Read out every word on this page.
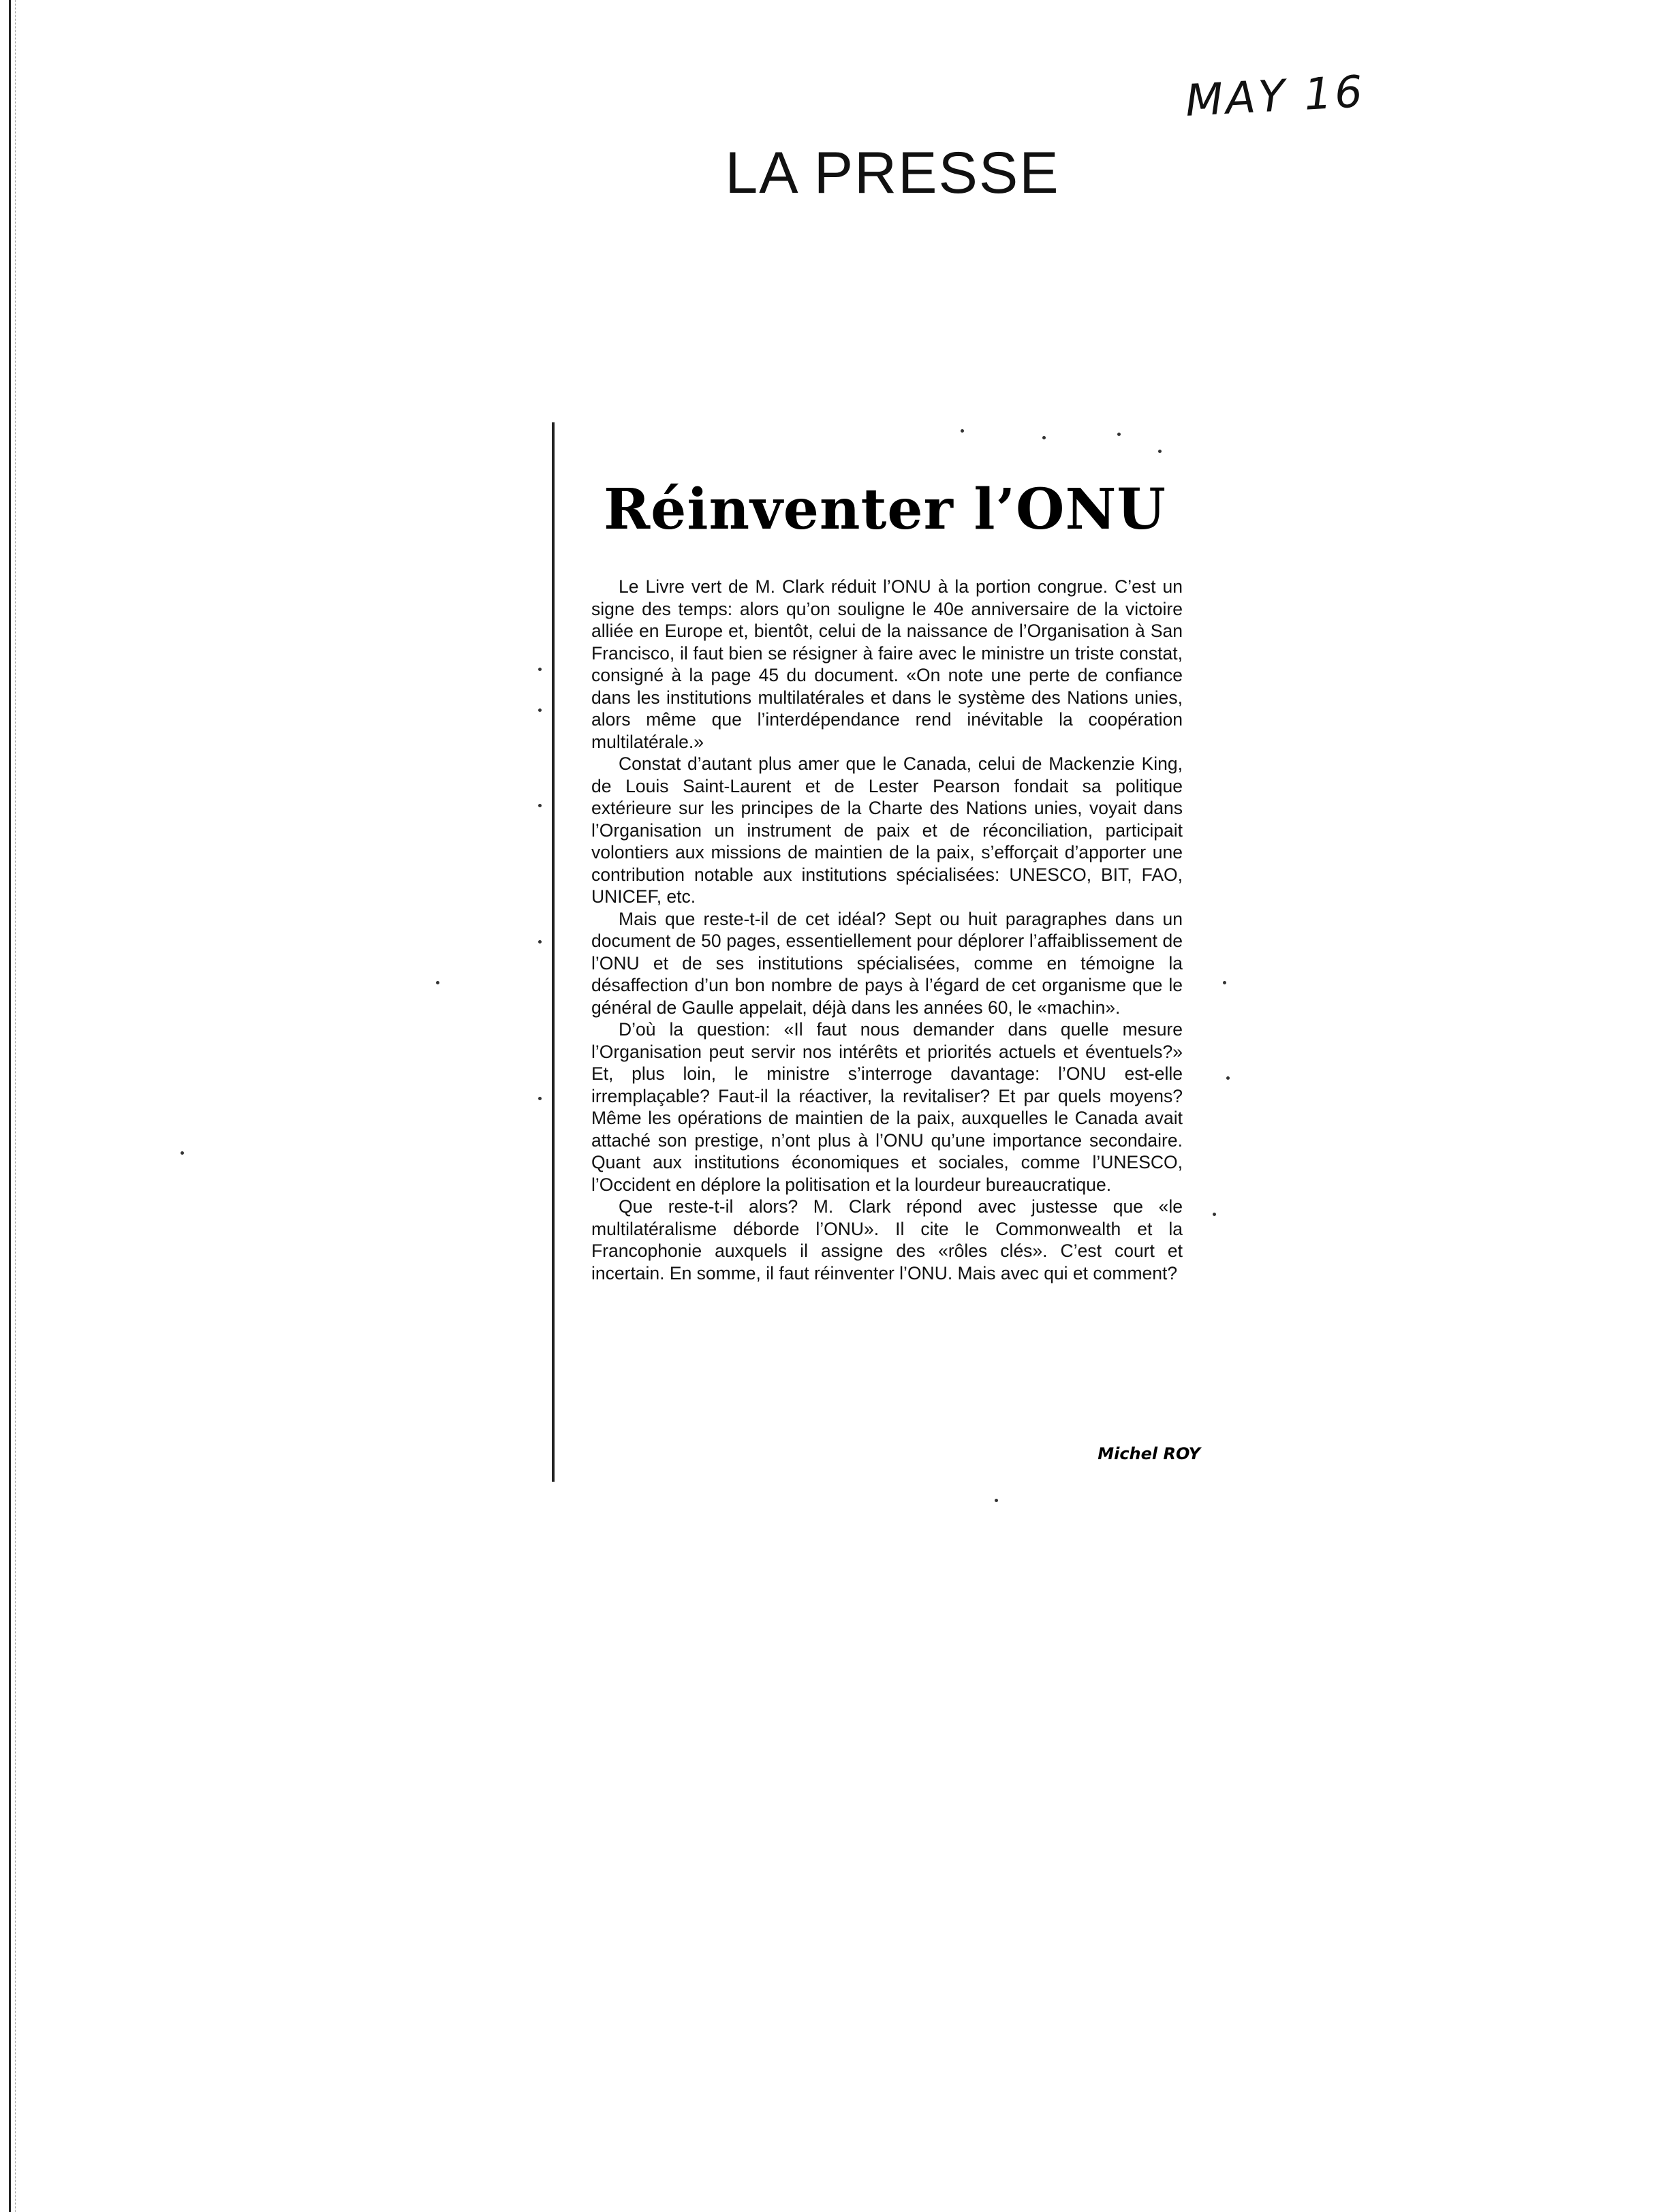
MAY 16
LA PRESSE
Réinventer l’ONU

Le Livre vert de M. Clark réduit l’ONU à la portion congrue. C’est un signe des temps: alors qu’on souligne le 40e anniversaire de la victoire alliée en Europe et, bientôt, celui de la naissance de l’Organisation à San Francisco, il faut bien se résigner à faire avec le ministre un triste constat, consigné à la page 45 du document. «On note une perte de confiance dans les institutions multilatérales et dans le système des Nations unies, alors même que l’interdépendance rend inévitable la coopération multilatérale.»

Constat d’autant plus amer que le Canada, celui de Mackenzie King, de Louis Saint-Laurent et de Lester Pearson fondait sa politique extérieure sur les principes de la Charte des Nations unies, voyait dans l’Organisation un instrument de paix et de réconciliation, participait volontiers aux missions de maintien de la paix, s’efforçait d’apporter une contribution notable aux institutions spécialisées: UNESCO, BIT, FAO, UNICEF, etc.

Mais que reste-t-il de cet idéal? Sept ou huit paragraphes dans un document de 50 pages, essentiellement pour déplorer l’affaiblissement de l’ONU et de ses institutions spécialisées, comme en témoigne la désaffection d’un bon nombre de pays à l’égard de cet organisme que le général de Gaulle appelait, déjà dans les années 60, le «machin».

D’où la question: «Il faut nous demander dans quelle mesure l’Organisation peut servir nos intérêts et priorités actuels et éventuels?» Et, plus loin, le ministre s’interroge davantage: l’ONU est-elle irremplaçable? Faut-il la réactiver, la revitaliser? Et par quels moyens? Même les opérations de maintien de la paix, auxquelles le Canada avait attaché son prestige, n’ont plus à l’ONU qu’une importance secondaire. Quant aux institutions économiques et sociales, comme l’UNESCO, l’Occident en déplore la politisation et la lourdeur bureaucratique.

Que reste-t-il alors? M. Clark répond avec justesse que «le multilatéralisme déborde l’ONU». Il cite le Commonwealth et la Francophonie auxquels il assigne des «rôles clés». C’est court et incertain. En somme, il faut réinventer l’ONU. Mais avec qui et comment?

Michel ROY
